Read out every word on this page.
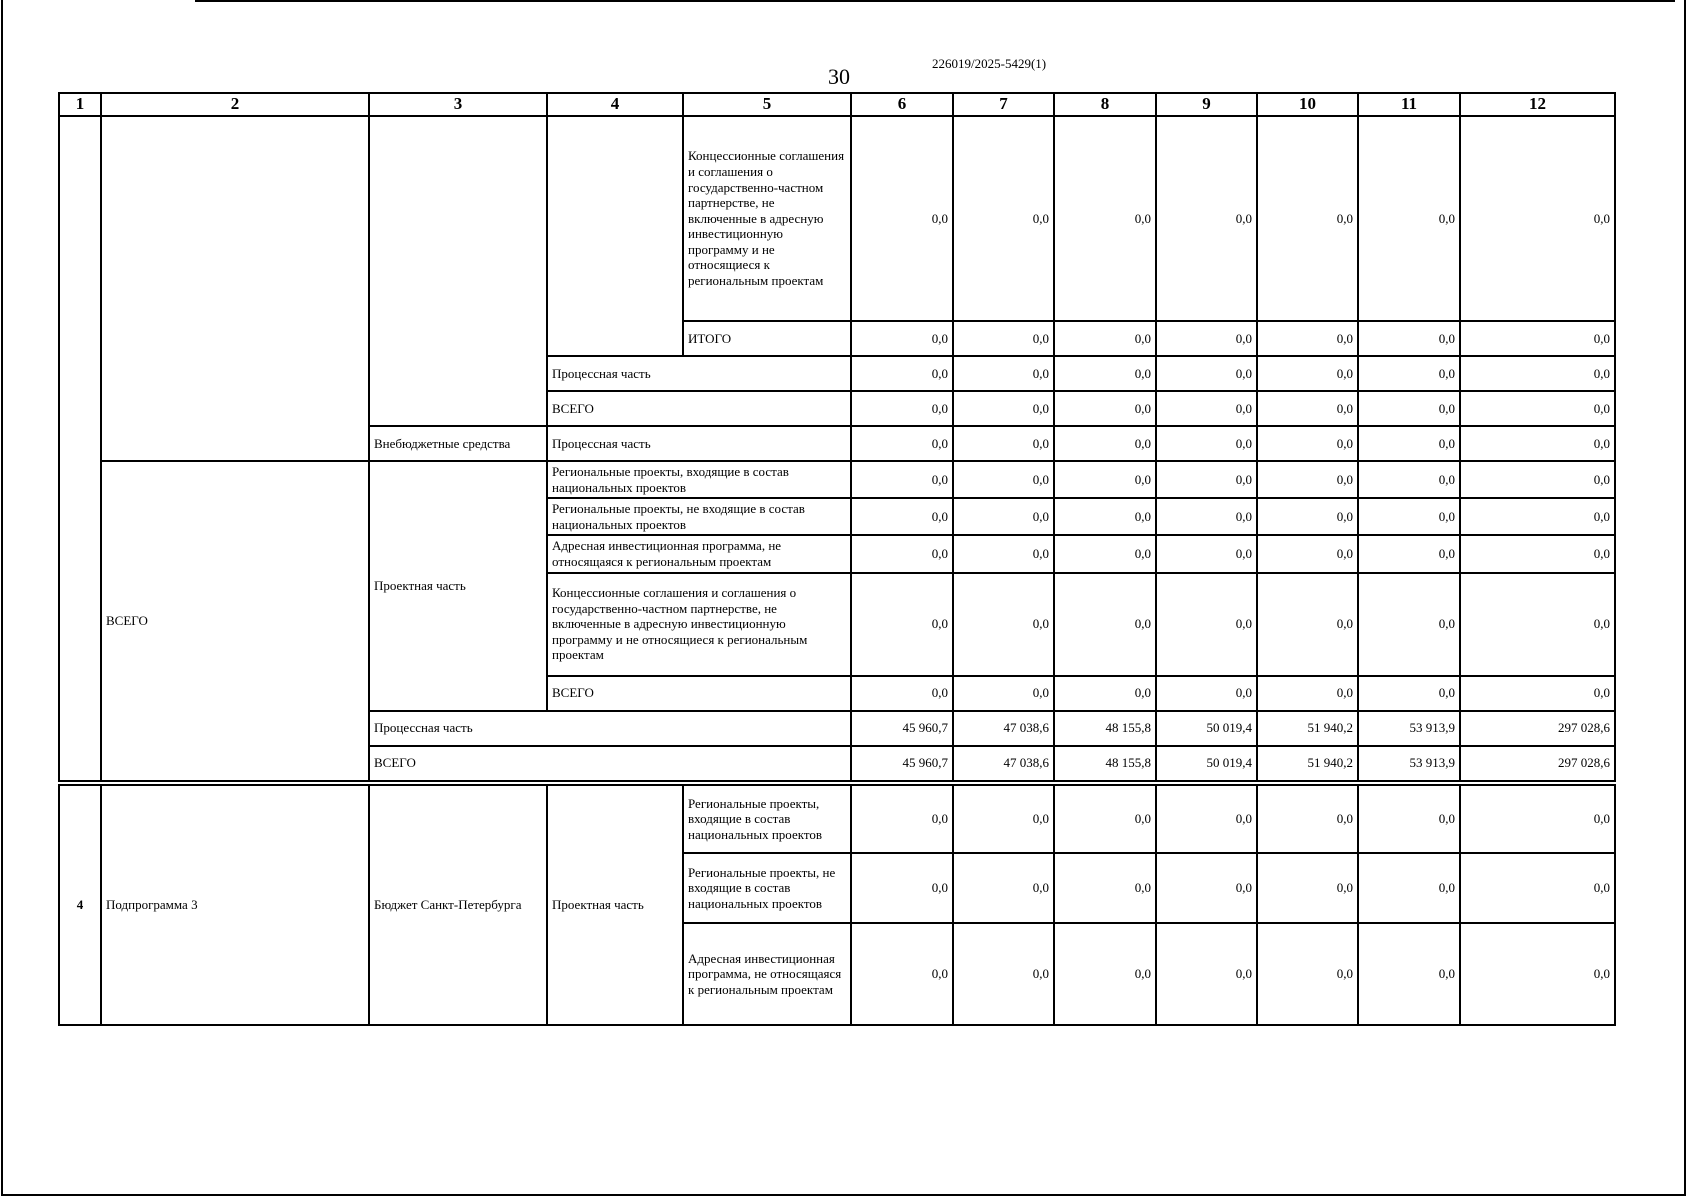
30
226019/2025-5429(1)
1	2	3	4	5	6	7	8	9	10	11	12
				Концессионные соглашения и соглашения о государственно-частном партнерстве, не включенные в адресную инвестиционную программу и не относящиеся к региональным проектам	0,0	0,0	0,0	0,0	0,0	0,0	0,0
				ИТОГО	0,0	0,0	0,0	0,0	0,0	0,0	0,0
			Процессная часть		0,0	0,0	0,0	0,0	0,0	0,0	0,0
			ВСЕГО		0,0	0,0	0,0	0,0	0,0	0,0	0,0
		Внебюджетные средства	Процессная часть		0,0	0,0	0,0	0,0	0,0	0,0	0,0
	ВСЕГО	Проектная часть	Региональные проекты, входящие в состав национальных проектов		0,0	0,0	0,0	0,0	0,0	0,0	0,0
			Региональные проекты, не входящие в состав национальных проектов		0,0	0,0	0,0	0,0	0,0	0,0	0,0
			Адресная инвестиционная программа, не относящаяся к региональным проектам		0,0	0,0	0,0	0,0	0,0	0,0	0,0
			Концессионные соглашения и соглашения о государственно-частном партнерстве, не включенные в адресную инвестиционную программу и не относящиеся к региональным проектам		0,0	0,0	0,0	0,0	0,0	0,0	0,0
			ВСЕГО		0,0	0,0	0,0	0,0	0,0	0,0	0,0
		Процессная часть			45 960,7	47 038,6	48 155,8	50 019,4	51 940,2	53 913,9	297 028,6
		ВСЕГО			45 960,7	47 038,6	48 155,8	50 019,4	51 940,2	53 913,9	297 028,6
4	Подпрограмма 3	Бюджет Санкт-Петербурга	Проектная часть	Региональные проекты, входящие в состав национальных проектов	0,0	0,0	0,0	0,0	0,0	0,0	0,0
				Региональные проекты, не входящие в состав национальных проектов	0,0	0,0	0,0	0,0	0,0	0,0	0,0
				Адресная инвестиционная программа, не относящаяся к региональным проектам	0,0	0,0	0,0	0,0	0,0	0,0	0,0
